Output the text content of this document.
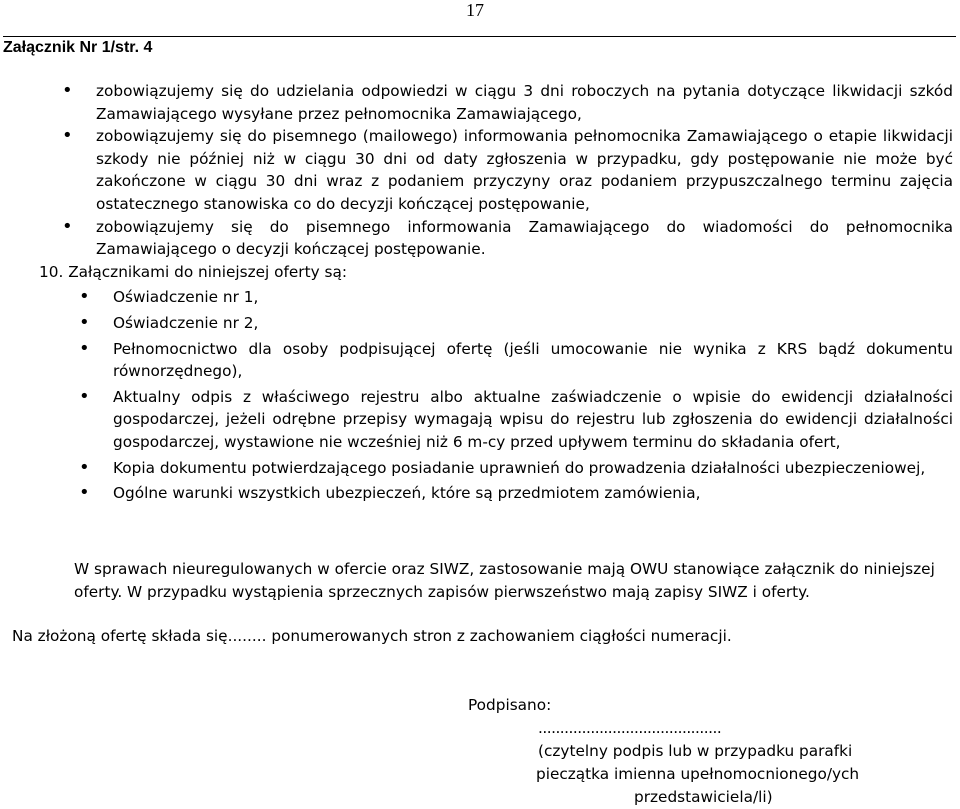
17
Załącznik Nr 1/str. 4
• zobowiązujemy się do udzielania odpowiedzi w ciągu 3 dni roboczych na pytania dotyczące likwidacji szkód Zamawiającego wysyłane przez pełnomocnika Zamawiającego,
• zobowiązujemy się do pisemnego (mailowego) informowania pełnomocnika Zamawiającego o etapie likwidacji szkody nie później niż w ciągu 30 dni od daty zgłoszenia w przypadku, gdy postępowanie nie może być zakończone w ciągu 30 dni wraz z podaniem przyczyny oraz podaniem przypuszczalnego terminu zajęcia ostatecznego stanowiska co do decyzji kończącej postępowanie,
• zobowiązujemy się do pisemnego informowania Zamawiającego do wiadomości do pełnomocnika Zamawiającego o decyzji kończącej postępowanie.
10. Załącznikami do niniejszej oferty są:
• Oświadczenie nr 1,
• Oświadczenie nr 2,
• Pełnomocnictwo dla osoby podpisującej ofertę (jeśli umocowanie nie wynika z KRS bądź dokumentu równorzędnego),
• Aktualny odpis z właściwego rejestru albo aktualne zaświadczenie o wpisie do ewidencji działalności gospodarczej, jeżeli odrębne przepisy wymagają wpisu do rejestru lub zgłoszenia do ewidencji działalności gospodarczej, wystawione nie wcześniej niż 6 m-cy przed upływem terminu do składania ofert,
• Kopia dokumentu potwierdzającego posiadanie uprawnień do prowadzenia działalności ubezpieczeniowej,
• Ogólne warunki wszystkich ubezpieczeń, które są przedmiotem zamówienia,
W sprawach nieuregulowanych w ofercie oraz SIWZ, zastosowanie mają OWU stanowiące załącznik do niniejszej oferty. W przypadku wystąpienia sprzecznych zapisów pierwszeństwo mają zapisy SIWZ i oferty.
Na złożoną ofertę składa się........ ponumerowanych stron z zachowaniem ciągłości numeracji.
Podpisano:
..........................................
(czytelny podpis lub w przypadku parafki
pieczątka imienna upełnomocnionego/ych
przedstawiciela/li)
